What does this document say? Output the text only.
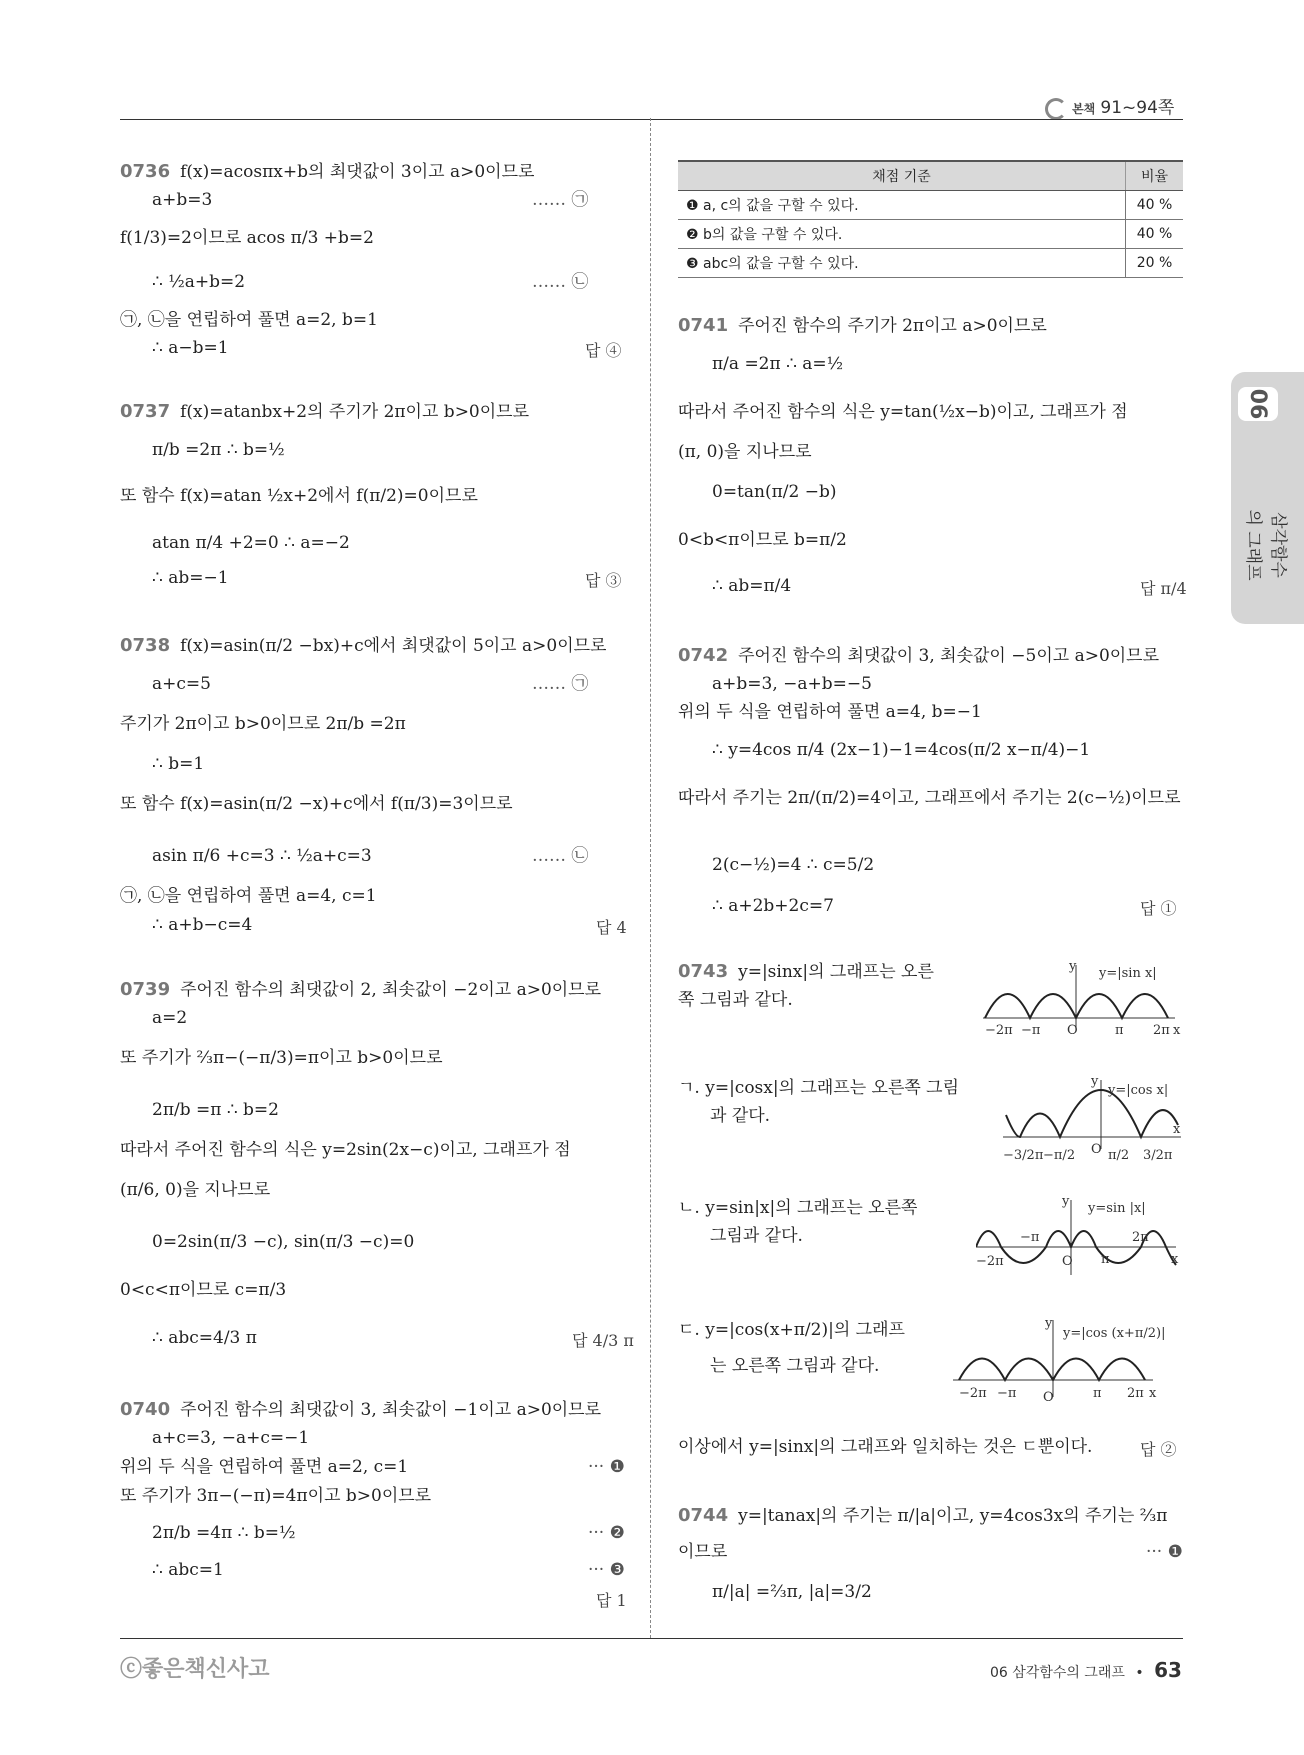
본책 91~94쪽
06
삼각함수의 그래프
0736 f(x)=acosπx+b의 최댓값이 3이고 a>0이므로
a+b=3	…… ㉠
f(1/3)=2이므로 acos π/3 +b=2
∴ ½a+b=2	…… ㉡
㉠, ㉡을 연립하여 풀면 a=2, b=1
∴ a−b=1	답 ④
0737 f(x)=atanbx+2의 주기가 2π이고 b>0이므로
π/b =2π ∴ b=½
또 함수 f(x)=atan ½x+2에서 f(π/2)=0이므로
atan π/4 +2=0 ∴ a=−2
∴ ab=−1	답 ③
0738 f(x)=asin(π/2 −bx)+c에서 최댓값이 5이고 a>0이므로
a+c=5	…… ㉠
주기가 2π이고 b>0이므로 2π/b =2π
∴ b=1
또 함수 f(x)=asin(π/2 −x)+c에서 f(π/3)=3이므로
asin π/6 +c=3 ∴ ½a+c=3	…… ㉡
㉠, ㉡을 연립하여 풀면 a=4, c=1
∴ a+b−c=4	답 4
0739 주어진 함수의 최댓값이 2, 최솟값이 −2이고 a>0이므로
a=2
또 주기가 ⅔π−(−π/3)=π이고 b>0이므로
2π/b =π ∴ b=2
따라서 주어진 함수의 식은 y=2sin(2x−c)이고, 그래프가 점
(π/6, 0)을 지나므로
0=2sin(π/3 −c), sin(π/3 −c)=0
0<c<π이므로 c=π/3
∴ abc=4/3 π	답 4/3 π
0740 주어진 함수의 최댓값이 3, 최솟값이 −1이고 a>0이므로
a+c=3, −a+c=−1
위의 두 식을 연립하여 풀면 a=2, c=1	··· ❶
또 주기가 3π−(−π)=4π이고 b>0이므로
2π/b =4π ∴ b=½	··· ❷
∴ abc=1	··· ❸
답 1
채점 기준	비율
❶ a, c의 값을 구할 수 있다.	40 %
❷ b의 값을 구할 수 있다.	40 %
❸ abc의 값을 구할 수 있다.	20 %
0741 주어진 함수의 주기가 2π이고 a>0이므로
π/a =2π ∴ a=½
따라서 주어진 함수의 식은 y=tan(½x−b)이고, 그래프가 점
(π, 0)을 지나므로
0=tan(π/2 −b)
0<b<π이므로 b=π/2
∴ ab=π/4	답 π/4
0742 주어진 함수의 최댓값이 3, 최솟값이 −5이고 a>0이므로
a+b=3, −a+b=−5
위의 두 식을 연립하여 풀면 a=4, b=−1
∴ y=4cos π/4 (2x−1)−1=4cos(π/2 x−π/4)−1
따라서 주기는 2π/(π/2)=4이고, 그래프에서 주기는 2(c−½)이므로
2(c−½)=4 ∴ c=5/2
∴ a+2b+2c=7	답 ①
0743 y=|sinx|의 그래프는 오른
쪽 그림과 같다.
y y=|sin x|
−2π −π O	π 2π x
ㄱ. y=|cosx|의 그래프는 오른쪽 그림
과 같다.
y
y=|cos x|
−3/2π −π/2 O π/2 3/2π
x
ㄴ. y=sin|x|의 그래프는 오른쪽
그림과 같다.
y y=sin |x|
−2π
−π
O π
2π
x
ㄷ. y=|cos(x+π/2)|의 그래프
는 오른쪽 그림과 같다.
y
y=|cos (x+π/2)|
−2π −π O	π 2π x
이상에서 y=|sinx|의 그래프와 일치하는 것은 ㄷ뿐이다.	답 ②
0744 y=|tanax|의 주기는 π/|a|이고, y=4cos3x의 주기는 ⅔π
이므로	··· ❶
π/|a| =⅔π, |a|=3/2
ⓒ좋은책신사고	06 삼각함수의 그래프 • 63
